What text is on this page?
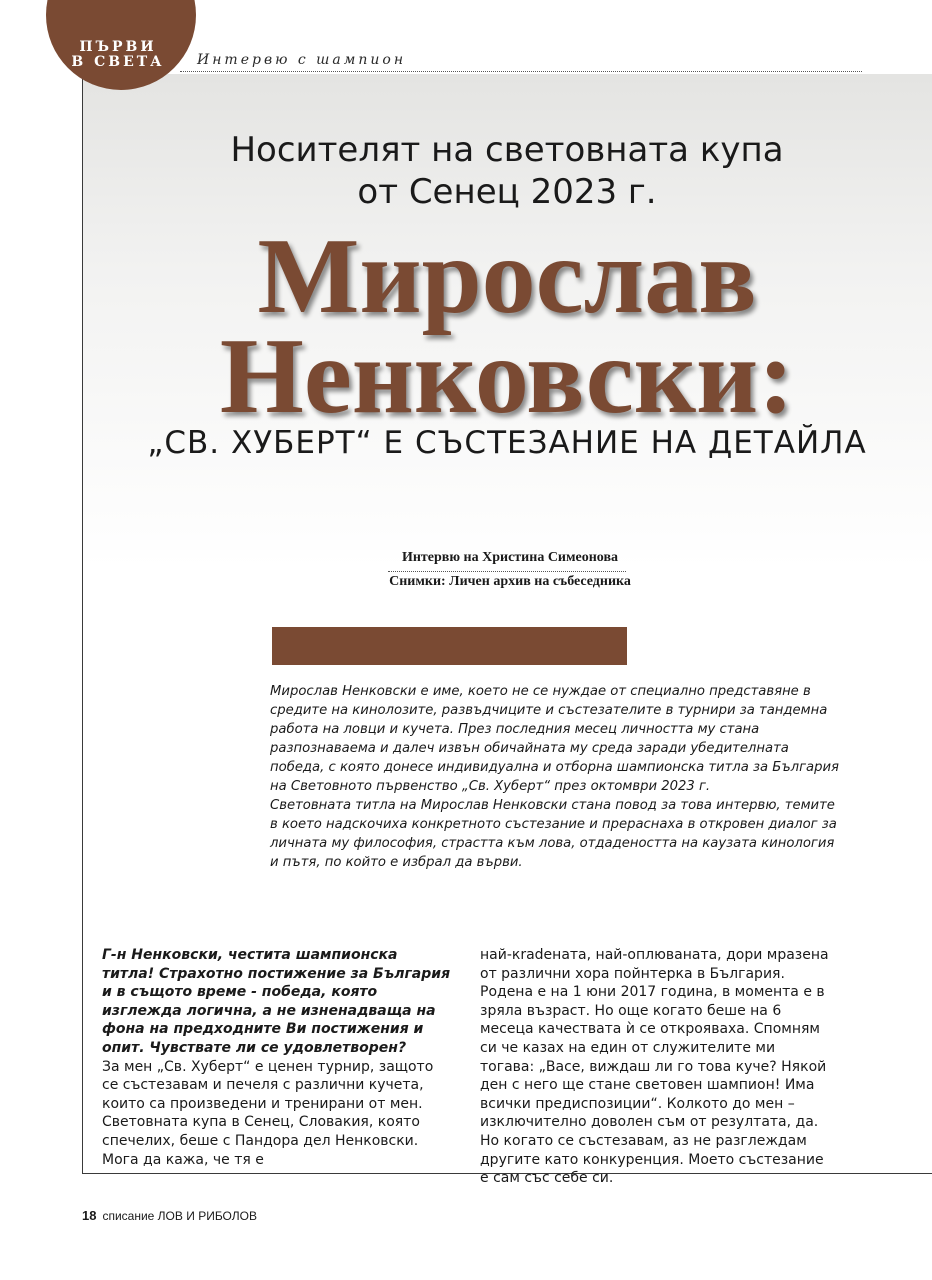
ПЪРВИ
В СВЕТА	Интервю с шампион
Носителят на световната купа
от Сенец 2023 г.
Мирослав
Ненковски:
„СВ. ХУБЕРТ“ Е СЪСТЕЗАНИЕ НА ДЕТАЙЛА
Интервю на Христина Симеонова
Снимки: Личен архив на събеседника

Мирослав Ненковски е име, което не се нуждае от специално представяне в средите на кинолозите, развъдчиците и състезателите в турнири за тандемна работа на ловци и кучета. През последния месец личността му стана разпознаваема и далеч извън обичайната му среда заради убедителната победа, с която донесе индивидуална и отборна шампионска титла за България на Световното първенство „Св. Хуберт“ през октомври 2023 г.

Световната титла на Мирослав Ненковски стана повод за това интервю, темите в което надскочиха конкретното състезание и прераснаха в откровен диалог за личната му философия, страстта към лова, отдадеността на каузата кинология и пътя, по който е избрал да върви.

Г-н Ненковски, честита шампионска титла! Страхотно постижение за България и в същото време - победа, която изглежда логична, а не изненадваща на фона на предходните Ви постижения и опит. Чувствате ли се удовлетворен?

За мен „Св. Хуберт“ е ценен турнир, защото се състезавам и печеля с различни кучета, които са произведени и тренирани от мен. Световната купа в Сенец, Словакия, която спечелих, беше с Пандора дел Ненковски. Мога да кажа, че тя е

най-кradeната, най-оплюваната, дори мразена от различни хора пойнтерка в България. Родена е на 1 юни 2017 година, в момента е в зряла възраст. Но още когато беше на 6 месеца качествата ѝ се открояваха. Спомням си че казах на един от служителите ми тогава: „Васе, виждаш ли го това куче? Някой ден с него ще стане световен шампион! Има всички предиспозиции“. Колкото до мен – изключително доволен съм от резултата, да. Но когато се състезавам, аз не разглеждам другите като конкуренция. Моето състезание е сам със себе си.

18 списание ЛОВ И РИБОЛОВ
